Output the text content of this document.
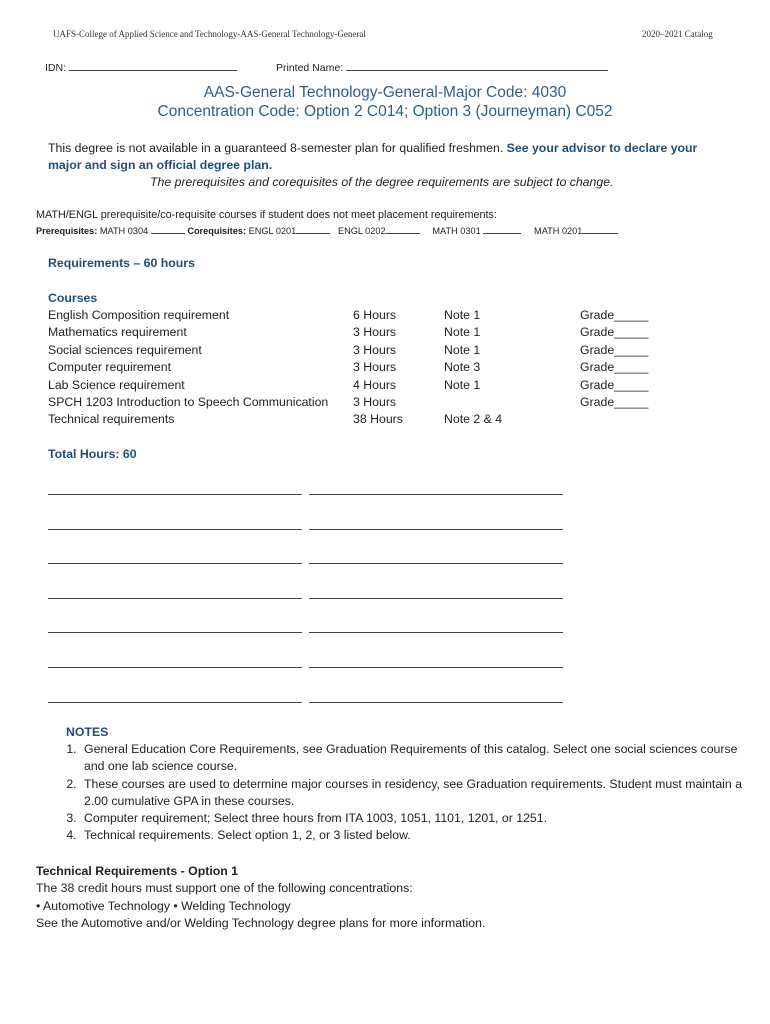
UAFS-College of Applied Science and Technology-AAS-General Technology-General	2020–2021 Catalog
IDN:	Printed Name:
AAS-General Technology-General-Major Code: 4030
Concentration Code: Option 2 C014; Option 3 (Journeyman) C052
This degree is not available in a guaranteed 8-semester plan for qualified freshmen. See your advisor to declare your
major and sign an official degree plan.
The prerequisites and corequisites of the degree requirements are subject to change.
MATH/ENGL prerequisite/co-requisite courses if student does not meet placement requirements:
Prerequisites: MATH 0304	Corequisites: ENGL 0201	ENGL 0202	MATH 0301	MATH 0201
Requirements – 60 hours
Courses
English Composition requirement	6 Hours	Note 1	Grade_____
Mathematics requirement	3 Hours	Note 1	Grade_____
Social sciences requirement	3 Hours	Note 1	Grade_____
Computer requirement	3 Hours	Note 3	Grade_____
Lab Science requirement	4 Hours	Note 1	Grade_____
SPCH 1203 Introduction to Speech Communication 3 Hours	Grade_____
Technical requirements	38 Hours	Note 2 & 4
Total Hours: 60
NOTES
1. General Education Core Requirements, see Graduation Requirements of this catalog. Select one social sciences course and one lab science course.
2. These courses are used to determine major courses in residency, see Graduation requirements. Student must maintain a 2.00 cumulative GPA in these courses.
3. Computer requirement; Select three hours from ITA 1003, 1051, 1101, 1201, or 1251.
4. Technical requirements. Select option 1, 2, or 3 listed below.
Technical Requirements - Option 1
The 38 credit hours must support one of the following concentrations:
• Automotive Technology • Welding Technology
See the Automotive and/or Welding Technology degree plans for more information.
